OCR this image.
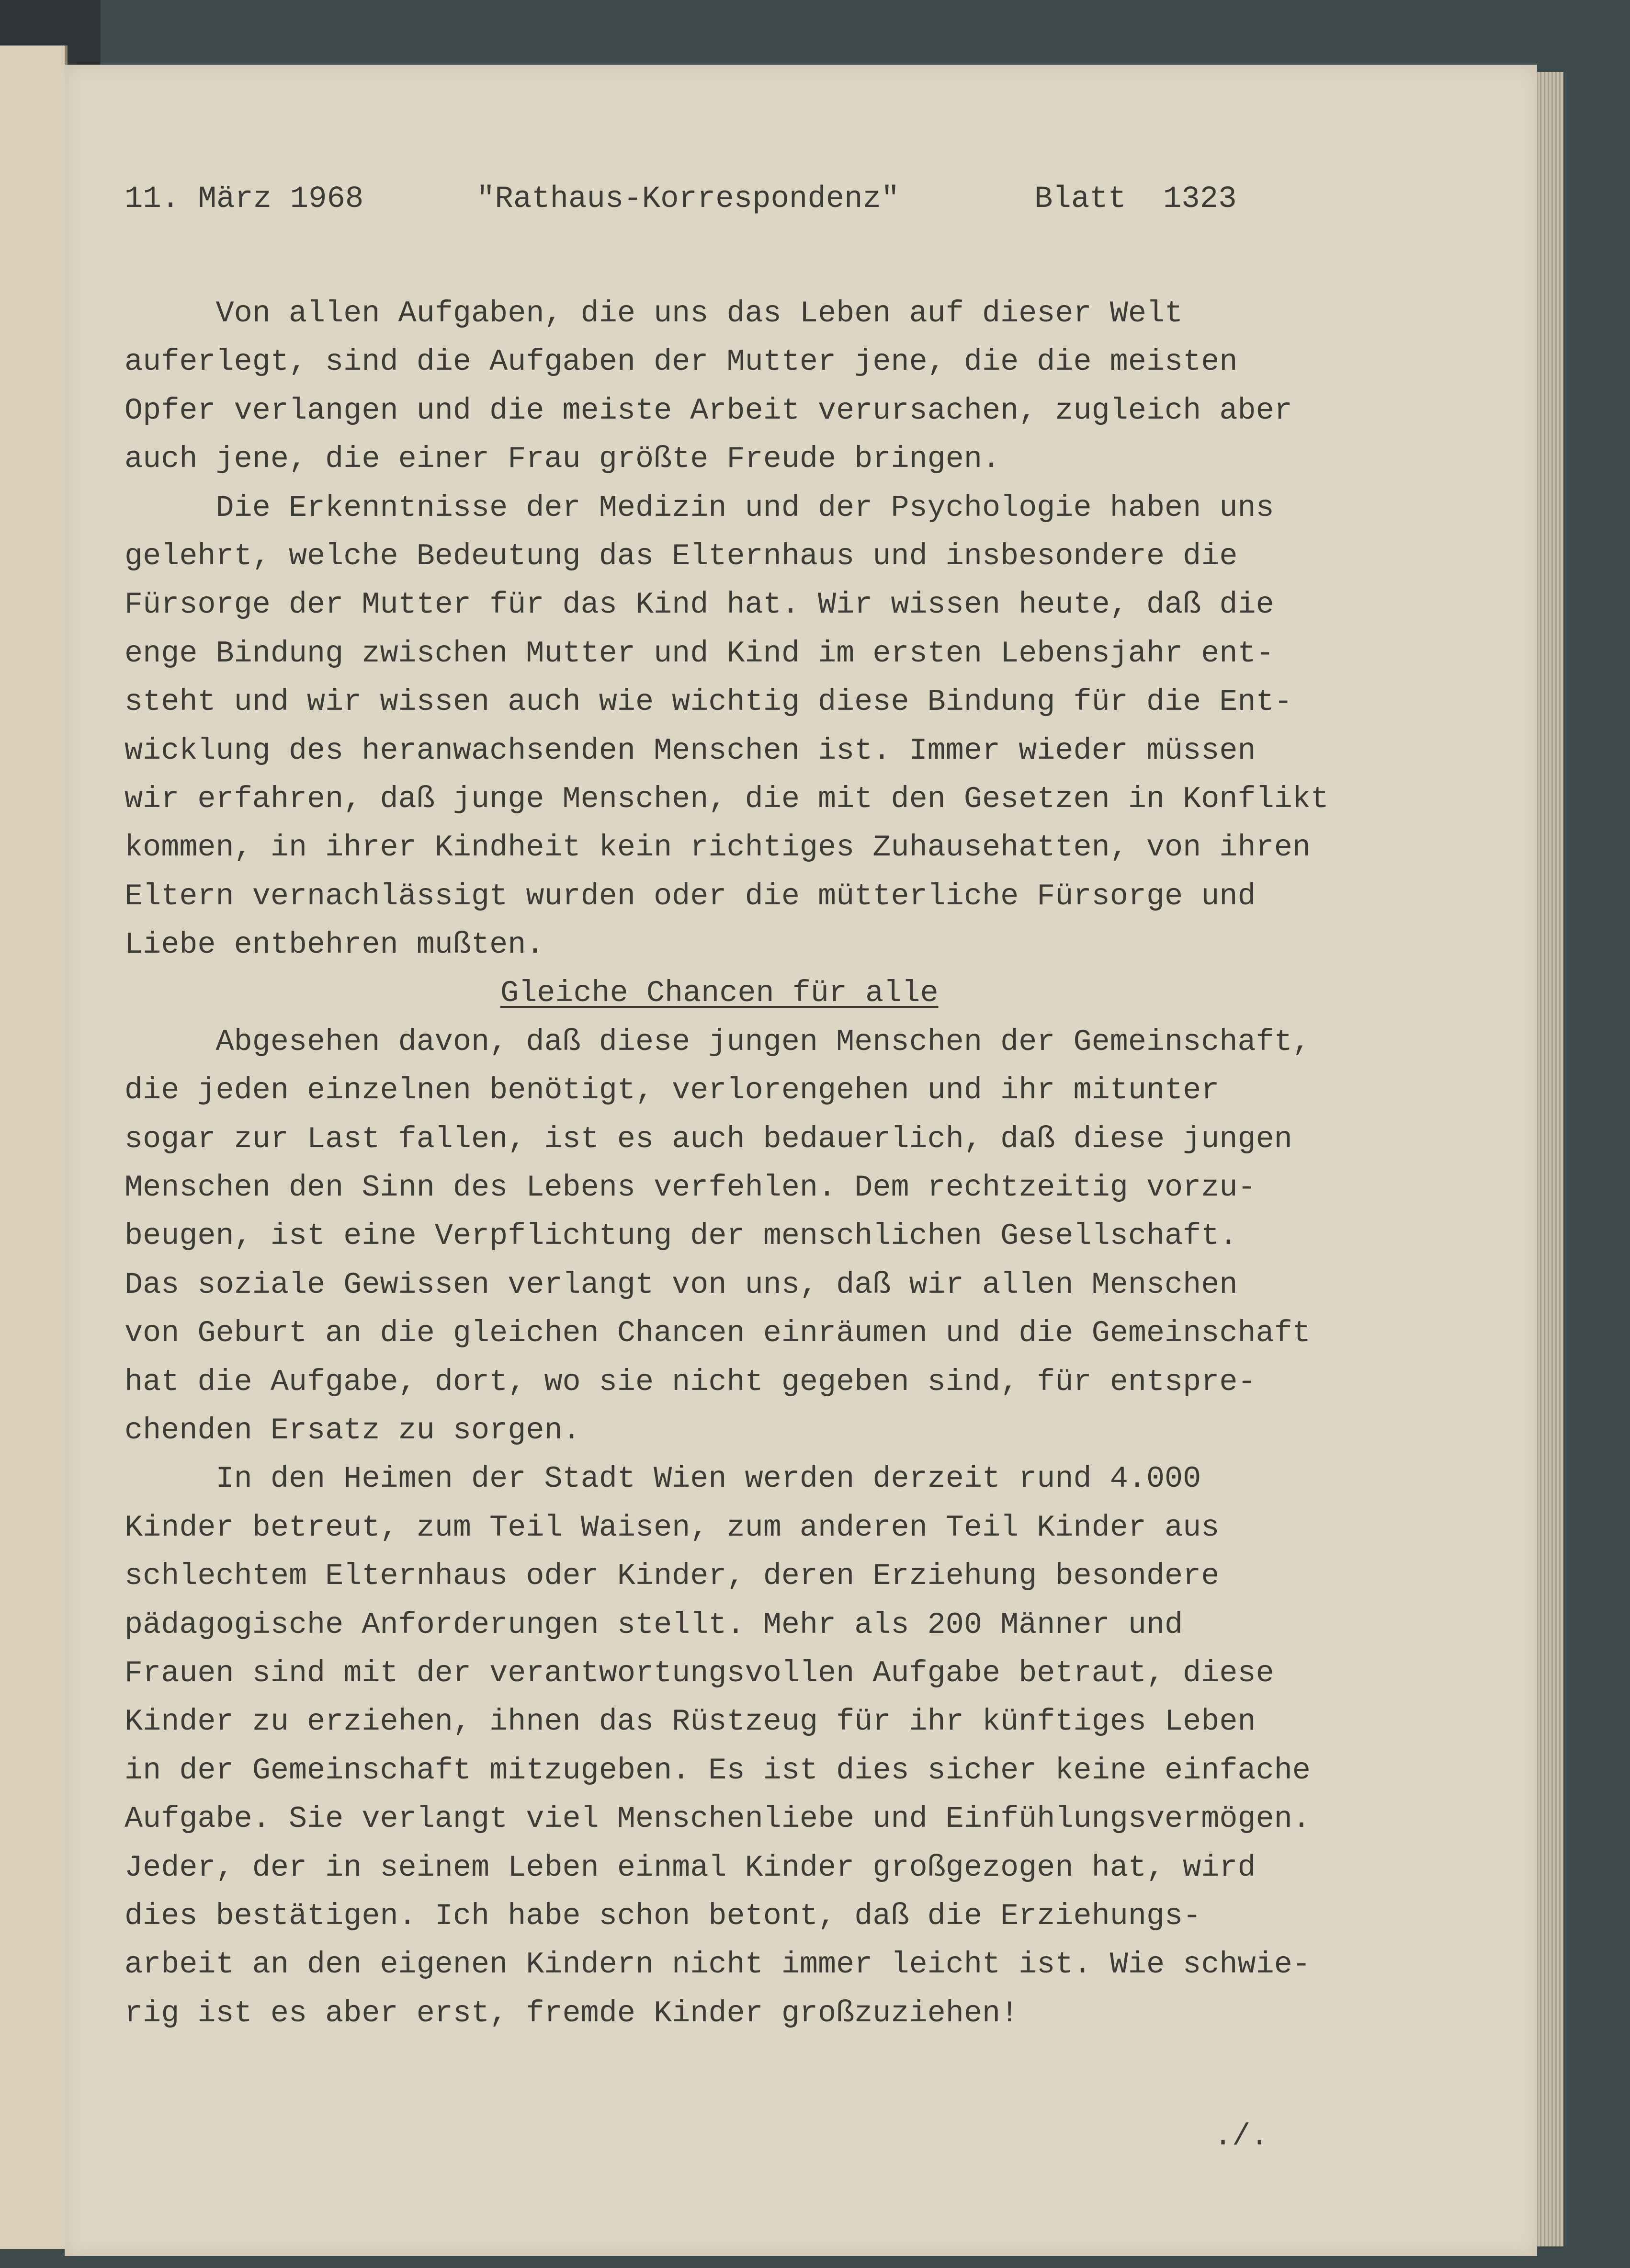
11. März 1968

	"Rathaus-Korrespondenz"

	Blatt  1323

Von allen Aufgaben, die uns das Leben auf dieser Welt
auferlegt, sind die Aufgaben der Mutter jene, die die meisten
Opfer verlangen und die meiste Arbeit verursachen, zugleich aber
auch jene, die einer Frau größte Freude bringen.
Die Erkenntnisse der Medizin und der Psychologie haben uns
gelehrt, welche Bedeutung das Elternhaus und insbesondere die
Fürsorge der Mutter für das Kind hat. Wir wissen heute, daß die
enge Bindung zwischen Mutter und Kind im ersten Lebensjahr ent-
steht und wir wissen auch wie wichtig diese Bindung für die Ent-
wicklung des heranwachsenden Menschen ist. Immer wieder müssen
wir erfahren, daß junge Menschen, die mit den Gesetzen in Konflikt
kommen, in ihrer Kindheit kein richtiges Zuhausehatten, von ihren
Eltern vernachlässigt wurden oder die mütterliche Fürsorge und
Liebe entbehren mußten.
Gleiche Chancen für alle
Abgesehen davon, daß diese jungen Menschen der Gemeinschaft,
die jeden einzelnen benötigt, verlorengehen und ihr mitunter
sogar zur Last fallen, ist es auch bedauerlich, daß diese jungen
Menschen den Sinn des Lebens verfehlen. Dem rechtzeitig vorzu-
beugen, ist eine Verpflichtung der menschlichen Gesellschaft.
Das soziale Gewissen verlangt von uns, daß wir allen Menschen
von Geburt an die gleichen Chancen einräumen und die Gemeinschaft
hat die Aufgabe, dort, wo sie nicht gegeben sind, für entspre-
chenden Ersatz zu sorgen.
In den Heimen der Stadt Wien werden derzeit rund 4.000
Kinder betreut, zum Teil Waisen, zum anderen Teil Kinder aus
schlechtem Elternhaus oder Kinder, deren Erziehung besondere
pädagogische Anforderungen stellt. Mehr als 200 Männer und
Frauen sind mit der verantwortungsvollen Aufgabe betraut, diese
Kinder zu erziehen, ihnen das Rüstzeug für ihr künftiges Leben
in der Gemeinschaft mitzugeben. Es ist dies sicher keine einfache
Aufgabe. Sie verlangt viel Menschenliebe und Einfühlungsvermögen.
Jeder, der in seinem Leben einmal Kinder großgezogen hat, wird
dies bestätigen. Ich habe schon betont, daß die Erziehungs-
arbeit an den eigenen Kindern nicht immer leicht ist. Wie schwie-
rig ist es aber erst, fremde Kinder großzuziehen!
./.
